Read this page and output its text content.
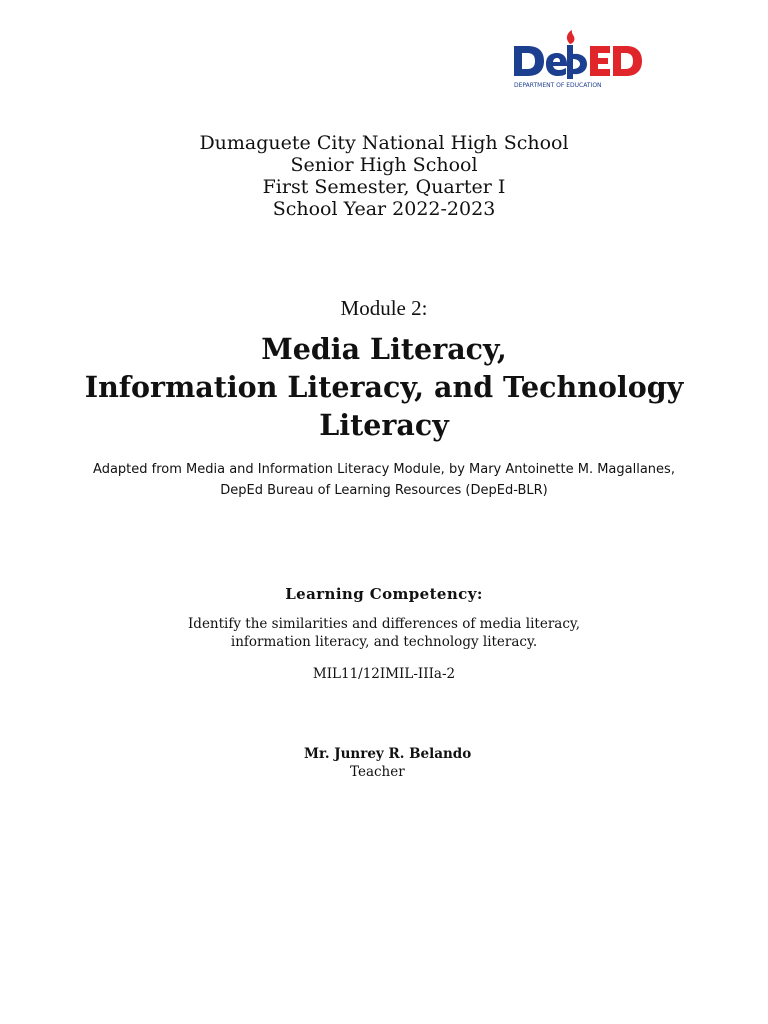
DEPARTMENT OF EDUCATION
Dumaguete City National High School
Senior High School
First Semester, Quarter I
School Year 2022-2023
Module 2:
Media Literacy,
Information Literacy, and Technology
Literacy
Adapted from Media and Information Literacy Module, by Mary Antoinette M. Magallanes,
DepEd Bureau of Learning Resources (DepEd-BLR)
Learning Competency:
Identify the similarities and differences of media literacy,
information literacy, and technology literacy.
MIL11/12IMIL-IIIa-2
Mr. Junrey R. Belando
Teacher
